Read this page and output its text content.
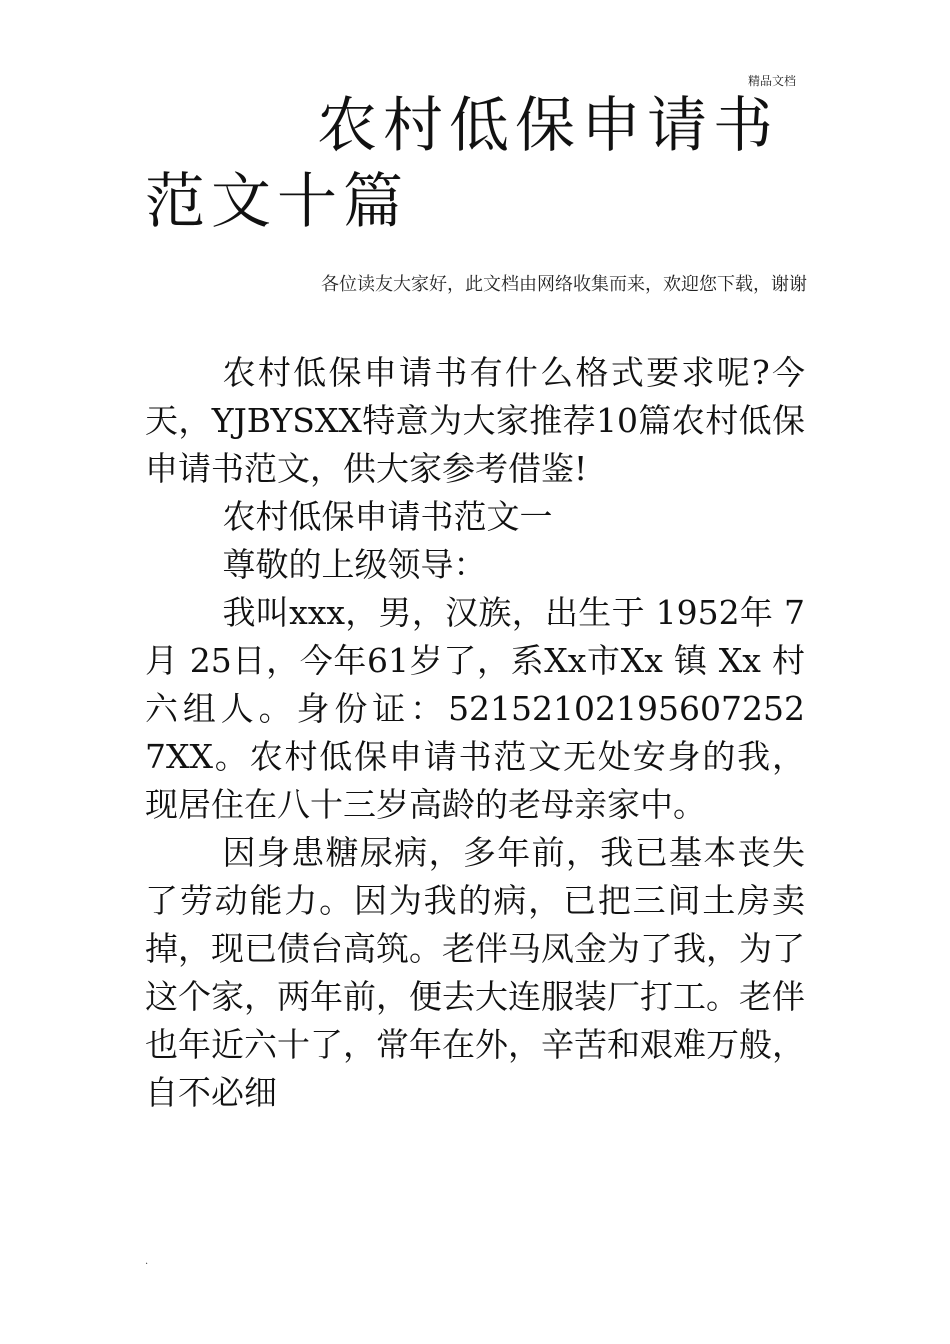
精品文档
农村低保申请书范文十篇
各位读友大家好，此文档由网络收集而来，欢迎您下载，谢谢

农村低保申请书有什么格式要求呢?今天，YJBYSXX特意为大家推荐10篇农村低保申请书范文，供大家参考借鉴!

农村低保申请书范文一

尊敬的上级领导：

我叫xxx，男，汉族，出生于 1952年 7月 25日，今年61岁了，系Xx市Xx 镇 Xx 村六组人。身份证：52152102195607252​7XX。农村低保申请书范文无处安身的我，现居住在八十三岁高龄的老母亲家中。

因身患糖尿病，多年前，我已基本丧失了劳动能力。因为我的病，已把三间土房卖掉，现已债台高筑。老伴马凤金为了我，为了这个家，两年前，便去大连服装厂打工。老伴也年近六十了，常年在外，辛苦和艰难万般，自不必细

.
